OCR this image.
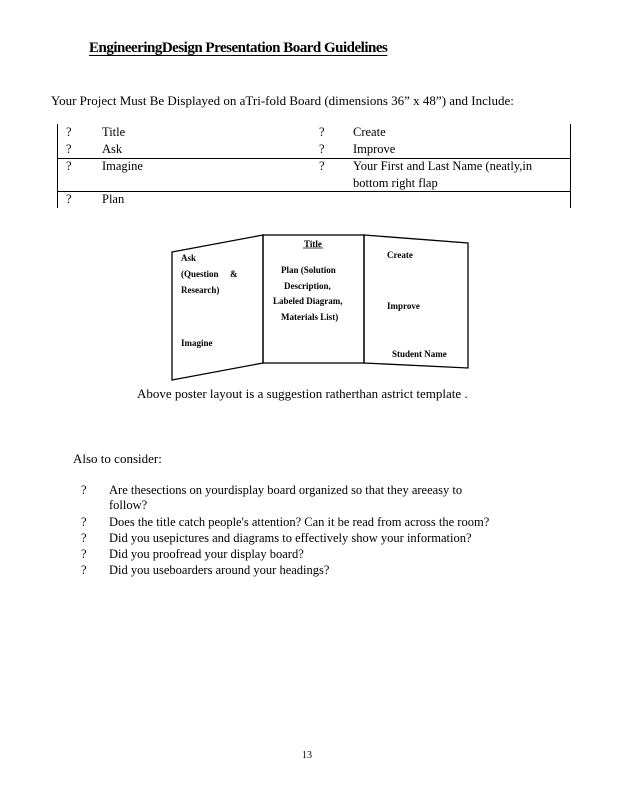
EngineeringDesign Presentation Board Guidelines
Your Project Must Be Displayed on aTri-fold Board (dimensions 36” x 48”) and Include:
? Title	? Create
? Ask	? Improve
? Imagine	? Your First and Last Name (neatly,in
bottom right flap
? Plan
Ask
(Question &
Research)
Imagine
Title
Plan (Solution
Description,
Labeled Diagram,
Materials List)
Create
Improve
Student Name
Above poster layout is a suggestion ratherthan astrict template .
Also to consider:
? Are thesections on yourdisplay board organized so that they areeasy to
follow?
? Does the title catch people's attention? Can it be read from across the room?
? Did you usepictures and diagrams to effectively show your information?
? Did you proofread your display board?
? Did you useboarders around your headings?
13
